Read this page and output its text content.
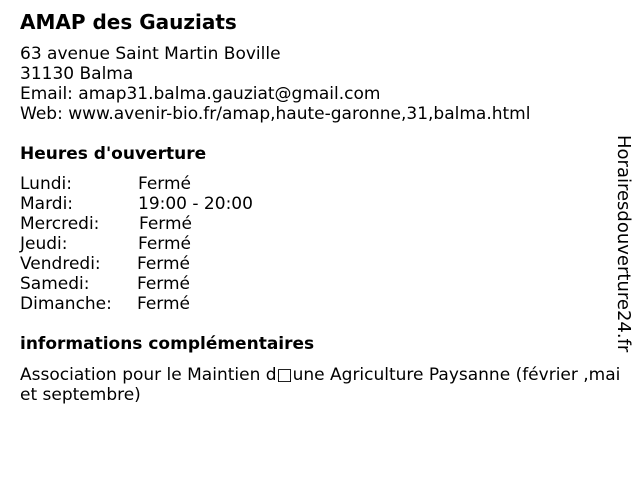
AMAP des Gauziats
63 avenue Saint Martin Boville
31130 Balma
Email: amap31.balma.gauziat@gmail.com
Web: www.avenir-bio.fr/amap,haute-garonne,31,balma.html
Heures d'ouverture
Lundi:	Fermé
Mardi:	19:00 - 20:00
Mercredi: Fermé
Jeudi:	Fermé
Vendredi: Fermé
Samedi:	Fermé
Dimanche: Fermé
informations complémentaires
Association pour le Maintien d□une Agriculture Paysanne (février ,mai et septembre)
Horairesdouverture24.fr
